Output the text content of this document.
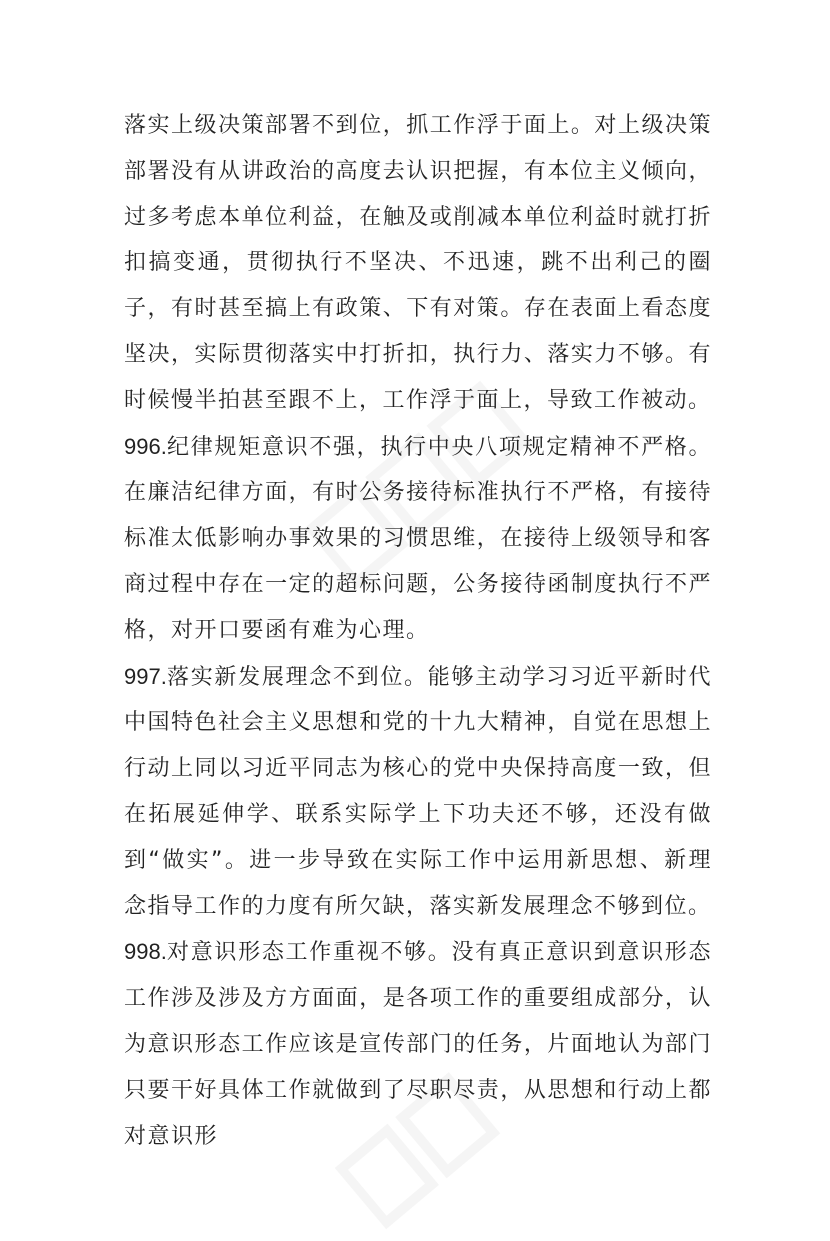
落实上级决策部署不到位，抓工作浮于面上。对上级决策部署没有从讲政治的高度去认识把握，有本位主义倾向，过多考虑本单位利益，在触及或削减本单位利益时就打折扣搞变通，贯彻执行不坚决、不迅速，跳不出利己的圈子，有时甚至搞上有政策、下有对策。存在表面上看态度坚决，实际贯彻落实中打折扣，执行力、落实力不够。有时候慢半拍甚至跟不上，工作浮于面上，导致工作被动。

996.纪律规矩意识不强，执行中央八项规定精神不严格。在廉洁纪律方面，有时公务接待标准执行不严格，有接待标准太低影响办事效果的习惯思维，在接待上级领导和客商过程中存在一定的超标问题，公务接待函制度执行不严格，对开口要函有难为心理。

997.落实新发展理念不到位。能够主动学习习近平新时代中国特色社会主义思想和党的十九大精神，自觉在思想上行动上同以习近平同志为核心的党中央保持高度一致，但在拓展延伸学、联系实际学上下功夫还不够，还没有做到“做实”。进一步导致在实际工作中运用新思想、新理念指导工作的力度有所欠缺，落实新发展理念不够到位。

998.对意识形态工作重视不够。没有真正意识到意识形态工作涉及涉及方方面面，是各项工作的重要组成部分，认为意识形态工作应该是宣传部门的任务，片面地认为部门只要干好具体工作就做到了尽职尽责，从思想和行动上都对意识形
